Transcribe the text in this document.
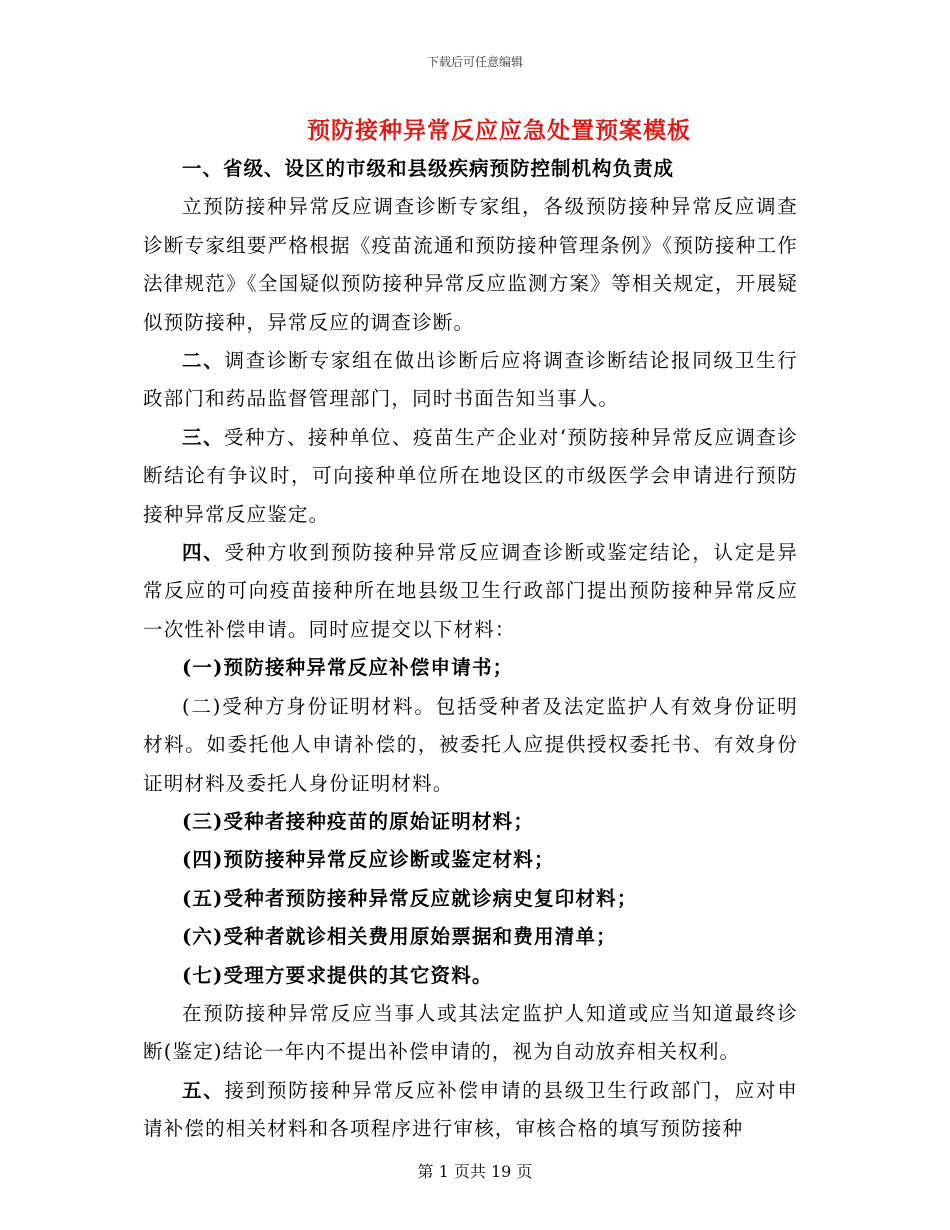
下载后可任意编辑
预防接种异常反应应急处置预案模板

一、省级、设区的市级和县级疾病预防控制机构负责成

立预防接种异常反应调查诊断专家组，各级预防接种异常反应调查诊断专家组要严格根据《疫苗流通和预防接种管理条例》《预防接种工作法律规范》《全国疑似预防接种异常反应监测方案》等相关规定，开展疑似预防接种，异常反应的调查诊断。

二、调查诊断专家组在做出诊断后应将调查诊断结论报同级卫生行政部门和药品监督管理部门，同时书面告知当事人。

三、受种方、接种单位、疫苗生产企业对‘预防接种异常反应调查诊断结论有争议时，可向接种单位所在地设区的市级医学会申请进行预防接种异常反应鉴定。

四、受种方收到预防接种异常反应调查诊断或鉴定结论，认定是异常反应的可向疫苗接种所在地县级卫生行政部门提出预防接种异常反应一次性补偿申请。同时应提交以下材料：

(一)预防接种异常反应补偿申请书；

(二)受种方身份证明材料。包括受种者及法定监护人有效身份证明材料。如委托他人申请补偿的，被委托人应提供授权委托书、有效身份证明材料及委托人身份证明材料。

(三)受种者接种疫苗的原始证明材料；

(四)预防接种异常反应诊断或鉴定材料；

(五)受种者预防接种异常反应就诊病史复印材料；

(六)受种者就诊相关费用原始票据和费用清单；

(七)受理方要求提供的其它资料。

在预防接种异常反应当事人或其法定监护人知道或应当知道最终诊断(鉴定)结论一年内不提出补偿申请的，视为自动放弃相关权利。

五、接到预防接种异常反应补偿申请的县级卫生行政部门，应对申请补偿的相关材料和各项程序进行审核，审核合格的填写预防接种

第 1 页共 19 页
